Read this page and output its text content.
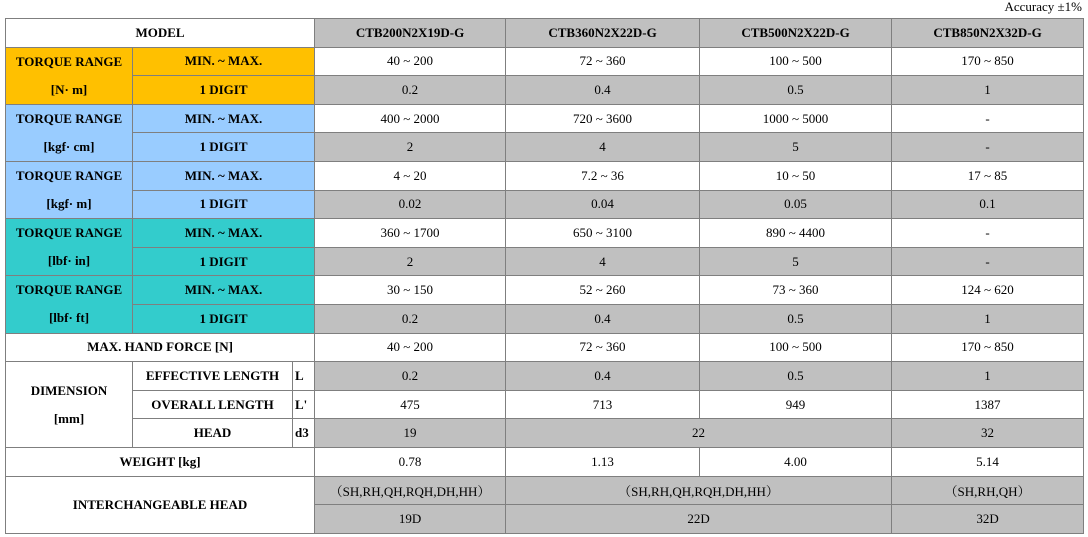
Accuracy ±1%
MODEL			CTB200N2X19D-G	CTB360N2X22D-G	CTB500N2X22D-G	CTB850N2X32D-G
TORQUE RANGE
[N· m]	MIN. ~ MAX.		40 ~ 200	72 ~ 360	100 ~ 500	170 ~ 850
	1 DIGIT		0.2	0.4	0.5	1
TORQUE RANGE
[kgf· cm]	MIN. ~ MAX.		400 ~ 2000	720 ~ 3600	1000 ~ 5000	-
	1 DIGIT		2	4	5	-
TORQUE RANGE
[kgf· m]	MIN. ~ MAX.		4 ~ 20	7.2 ~ 36	10 ~ 50	17 ~ 85
	1 DIGIT		0.02	0.04	0.05	0.1
TORQUE RANGE
[lbf· in]	MIN. ~ MAX.		360 ~ 1700	650 ~ 3100	890 ~ 4400	-
	1 DIGIT		2	4	5	-
TORQUE RANGE
[lbf· ft]	MIN. ~ MAX.		30 ~ 150	52 ~ 260	73 ~ 360	124 ~ 620
	1 DIGIT		0.2	0.4	0.5	1
MAX. HAND FORCE [N]			40 ~ 200	72 ~ 360	100 ~ 500	170 ~ 850
DIMENSION
[mm]	EFFECTIVE LENGTH	L	0.2	0.4	0.5	1
	OVERALL LENGTH	L'	475	713	949	1387
	HEAD	d3	19	22		32
WEIGHT [kg]			0.78	1.13	4.00	5.14
INTERCHANGEABLE HEAD			（SH,RH,QH,RQH,DH,HH）	（SH,RH,QH,RQH,DH,HH）		（SH,RH,QH）
			19D	22D		32D
